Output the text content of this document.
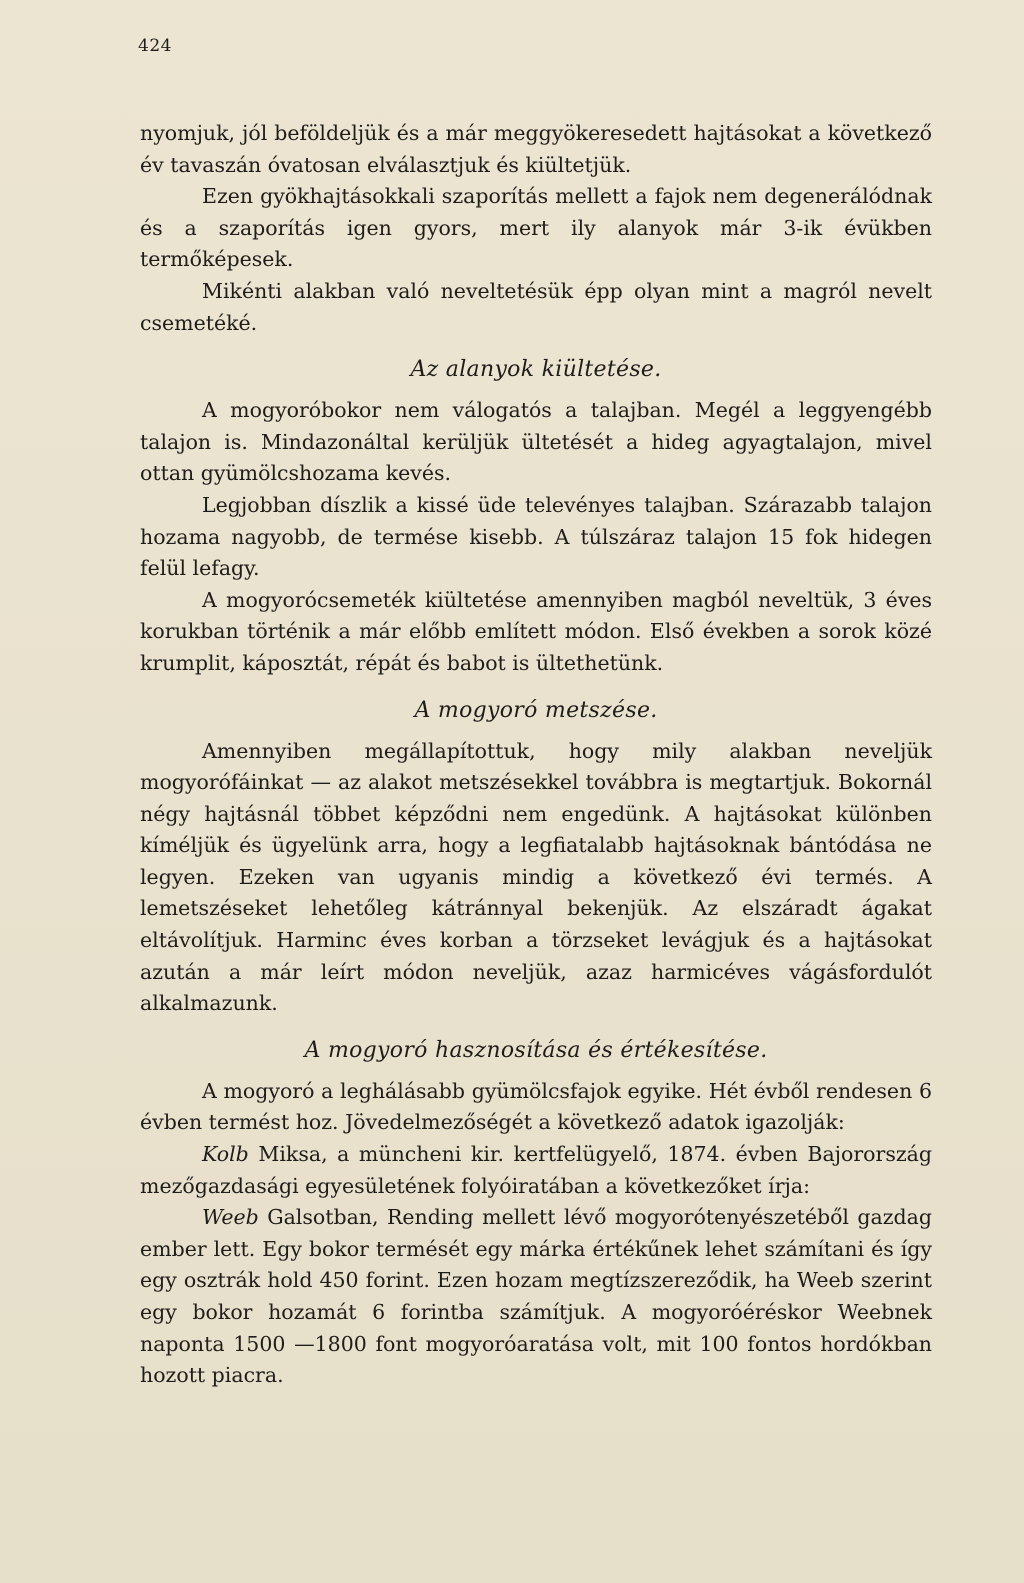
424

nyomjuk, jól beföldeljük és a már meggyökeresedett hajtásokat a következő év tavaszán óvatosan elválasztjuk és kiültetjük.

Ezen gyökhajtásokkali szaporítás mellett a fajok nem degenerálódnak és a szaporítás igen gyors, mert ily alanyok már 3-ik évükben termőképesek.

Mikénti alakban való neveltetésük épp olyan mint a magról nevelt csemetéké.

Az alanyok kiültetése.

A mogyoróbokor nem válogatós a talajban. Megél a leggyengébb talajon is. Mindazonáltal kerüljük ültetését a hideg agyagtalajon, mivel ottan gyümölcshozama kevés.

Legjobban díszlik a kissé üde televényes talajban. Szárazabb talajon hozama nagyobb, de termése kisebb. A túlszáraz talajon 15 fok hidegen felül lefagy.

A mogyorócsemeték kiültetése amennyiben magból neveltük, 3 éves korukban történik a már előbb említett módon. Első években a sorok közé krumplit, káposztát, répát és babot is ültethetünk.

A mogyoró metszése.

Amennyiben megállapítottuk, hogy mily alakban neveljük mogyorófáinkat — az alakot metszésekkel továbbra is megtartjuk. Bokornál négy hajtásnál többet képződni nem engedünk. A hajtásokat különben kíméljük és ügyelünk arra, hogy a legfiatalabb hajtásoknak bántódása ne legyen. Ezeken van ugyanis mindig a következő évi termés. A lemetszéseket lehetőleg kátránnyal bekenjük. Az elszáradt ágakat eltávolítjuk. Harminc éves korban a törzseket levágjuk és a hajtásokat azután a már leírt módon neveljük, azaz harmicéves vágásfordulót alkalmazunk.

A mogyoró hasznosítása és értékesítése.

A mogyoró a leghálásabb gyümölcsfajok egyike. Hét évből rendesen 6 évben termést hoz. Jövedelmezőségét a következő adatok igazolják:

Kolb Miksa, a müncheni kir. kertfelügyelő, 1874. évben Bajorország mezőgazdasági egyesületének folyóiratában a következőket írja:

Weeb Galsotban, Rending mellett lévő mogyorótenyészetéből gazdag ember lett. Egy bokor termését egy márka értékűnek lehet számítani és így egy osztrák hold 450 forint. Ezen hozam megtízszereződik, ha Weeb szerint egy bokor hozamát 6 forintba számítjuk. A mogyoróéréskor Weebnek naponta 1500 —1800 font mogyoróaratása volt, mit 100 fontos hordókban hozott piacra.
